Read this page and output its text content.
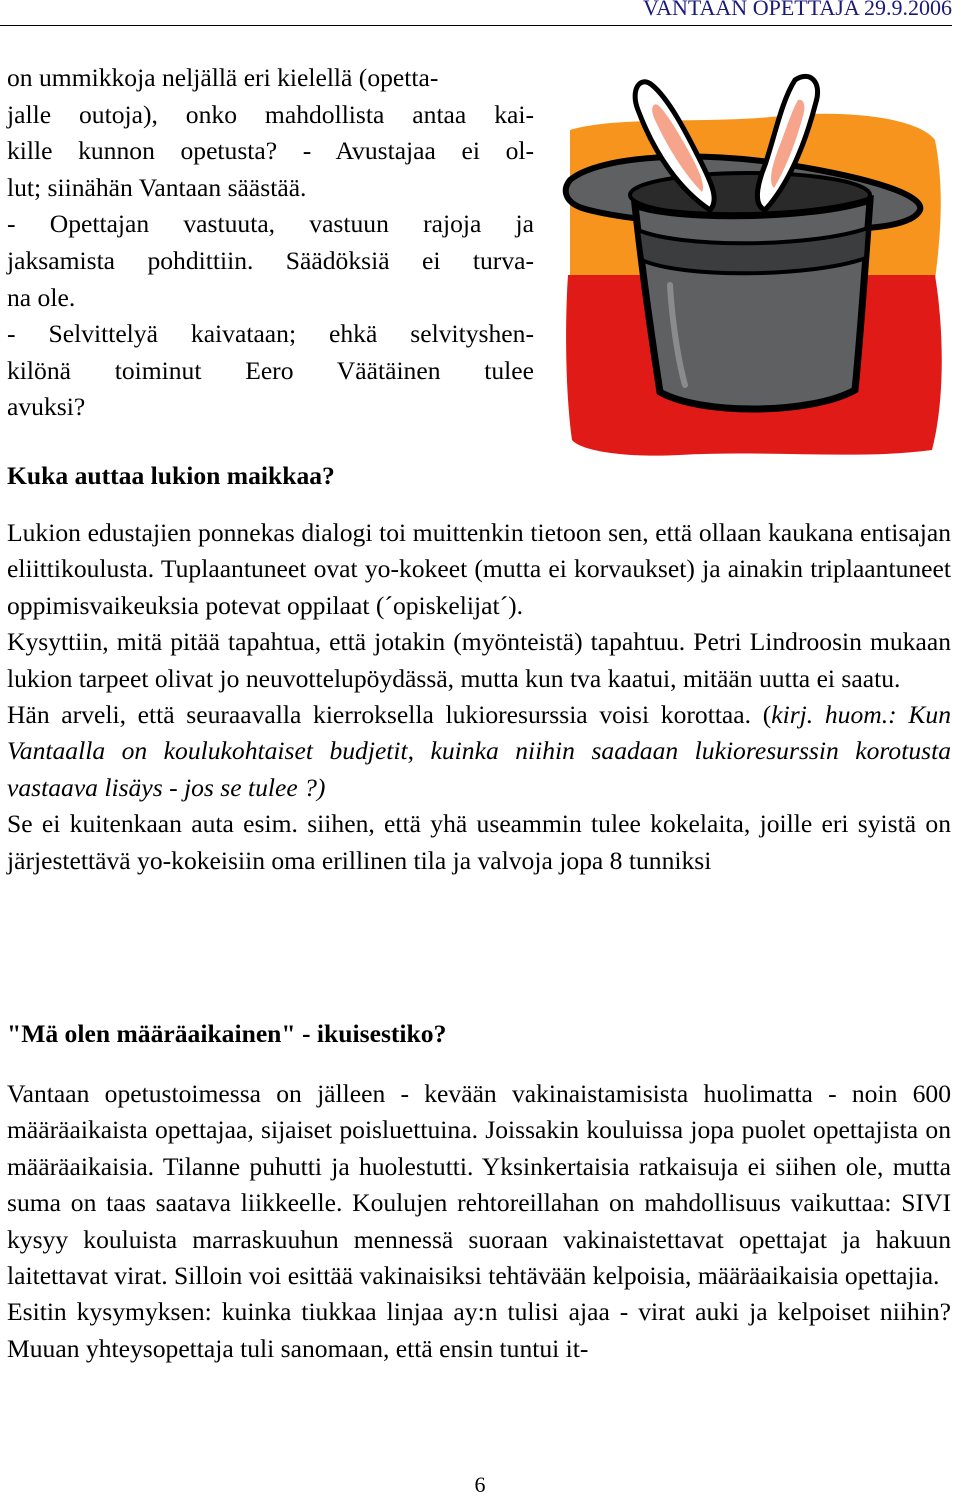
VANTAAN OPETTAJA 29.9.2006

on ummikkoja neljällä eri kielellä (opetta-

jalle outoja), onko mahdollista antaa kai-

kille kunnon opetusta? - Avustajaa ei ol-

lut; siinähän Vantaan säästää.

- Opettajan vastuuta, vastuun rajoja ja

jaksamista pohdittiin. Säädöksiä ei turva-

na ole.

- Selvittelyä kaivataan; ehkä selvityshen-

kilönä toiminut Eero Väätäinen tulee

avuksi?

Kuka auttaa lukion maikkaa?

Lukion edustajien ponnekas dialogi toi muittenkin tietoon sen, että ollaan kaukana entisajan eliittikoulusta. Tuplaantuneet ovat yo-kokeet (mutta ei korvaukset) ja ainakin triplaantuneet oppimisvaikeuksia potevat oppilaat (´opiskelijat´).

Kysyttiin, mitä pitää tapahtua, että jotakin (myönteistä) tapahtuu. Petri Lindroosin mukaan lukion tarpeet olivat jo neuvottelupöydässä, mutta kun tva kaatui, mitään uutta ei saatu.

Hän arveli, että seuraavalla kierroksella lukioresurssia voisi korottaa. (kirj. huom.: Kun Vantaalla on koulukohtaiset budjetit, kuinka niihin saadaan lukioresurssin korotusta vastaava lisäys - jos se tulee ?)

Se ei kuitenkaan auta esim. siihen, että yhä useammin tulee kokelaita, joille eri syistä on järjestettävä yo-kokeisiin oma erillinen tila ja valvoja jopa 8 tunniksi

"Mä olen määräaikainen" - ikuisestiko?

Vantaan opetustoimessa on jälleen - kevään vakinaistamisista huolimatta - noin 600 määräaikaista opettajaa, sijaiset poisluettuina. Joissakin kouluissa jopa puolet opettajista on määräaikaisia. Tilanne puhutti ja huolestutti. Yksinkertaisia ratkaisuja ei siihen ole, mutta suma on taas saatava liikkeelle. Koulujen rehtoreillahan on mahdollisuus vaikuttaa: SIVI kysyy kouluista marraskuuhun mennessä suoraan vakinaistettavat opettajat ja hakuun laitettavat virat. Silloin voi esittää vakinaisiksi tehtävään kelpoisia, määräaikaisia opettajia.

Esitin kysymyksen: kuinka tiukkaa linjaa ay:n tulisi ajaa - virat auki ja kelpoiset niihin? Muuan yhteysopettaja tuli sanomaan, että ensin tuntui it-

6
